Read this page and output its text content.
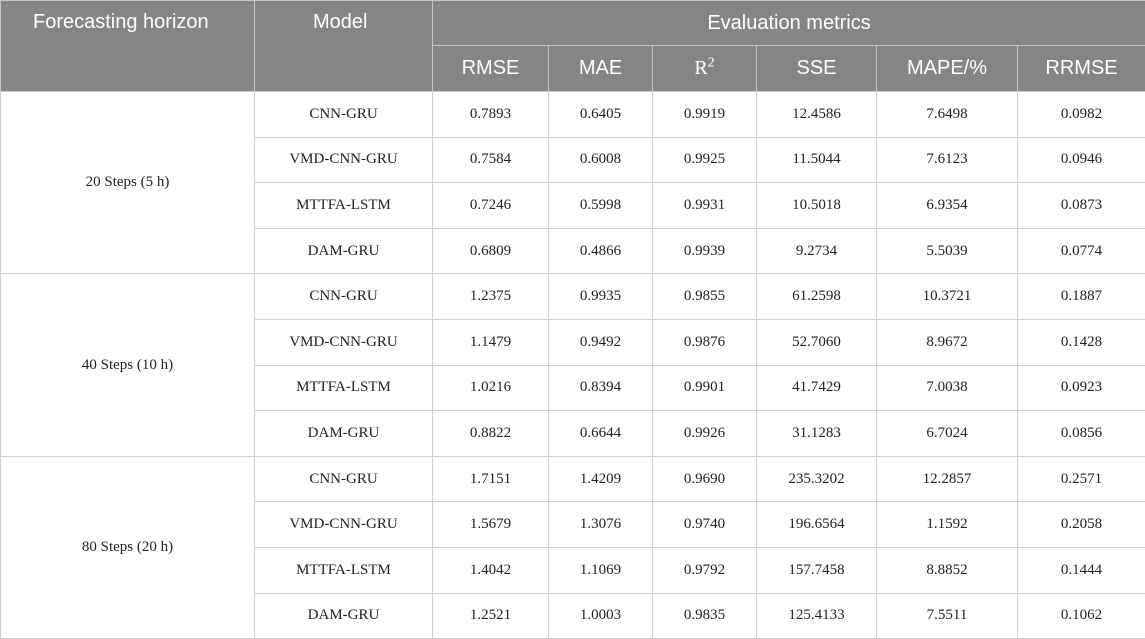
Forecasting horizon	Model	Evaluation metrics					
		RMSE	MAE	$R^2$	SSE	MAPE/%	RRMSE
20 Steps (5 h)	CNN-GRU	0.7893	0.6405	0.9919	12.4586	7.6498	0.0982
	VMD-CNN-GRU	0.7584	0.6008	0.9925	11.5044	7.6123	0.0946
	MTTFA-LSTM	0.7246	0.5998	0.9931	10.5018	6.9354	0.0873
	DAM-GRU	0.6809	0.4866	0.9939	9.2734	5.5039	0.0774
40 Steps (10 h)	CNN-GRU	1.2375	0.9935	0.9855	61.2598	10.3721	0.1887
	VMD-CNN-GRU	1.1479	0.9492	0.9876	52.7060	8.9672	0.1428
	MTTFA-LSTM	1.0216	0.8394	0.9901	41.7429	7.0038	0.0923
	DAM-GRU	0.8822	0.6644	0.9926	31.1283	6.7024	0.0856
80 Steps (20 h)	CNN-GRU	1.7151	1.4209	0.9690	235.3202	12.2857	0.2571
	VMD-CNN-GRU	1.5679	1.3076	0.9740	196.6564	1.1592	0.2058
	MTTFA-LSTM	1.4042	1.1069	0.9792	157.7458	8.8852	0.1444
	DAM-GRU	1.2521	1.0003	0.9835	125.4133	7.5511	0.1062
